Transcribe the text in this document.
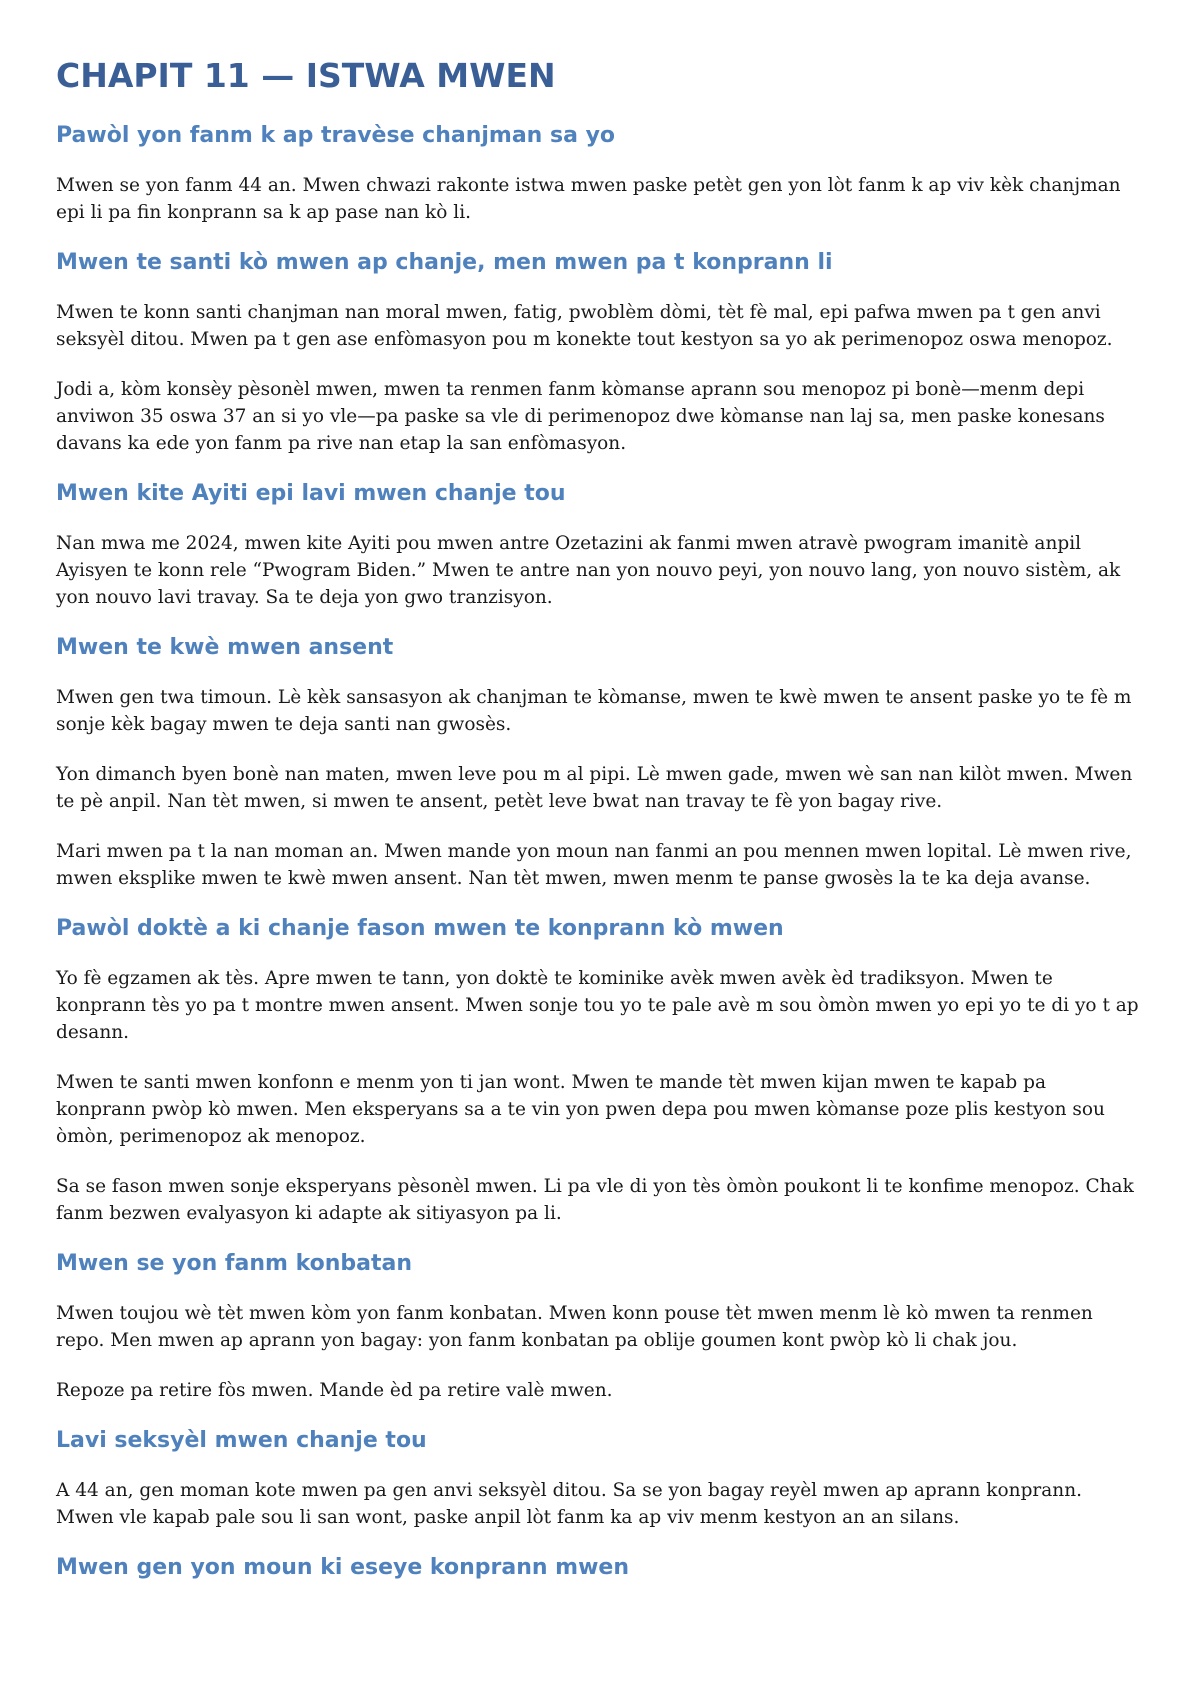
CHAPIT 11 — ISTWA MWEN
Pawòl yon fanm k ap travèse chanjman sa yo

Mwen se yon fanm 44 an. Mwen chwazi rakonte istwa mwen paske petèt gen yon lòt fanm k ap viv kèk chanjman epi li pa fin konprann sa k ap pase nan kò li.

Mwen te santi kò mwen ap chanje, men mwen pa t konprann li

Mwen te konn santi chanjman nan moral mwen, fatig, pwoblèm dòmi, tèt fè mal, epi pafwa mwen pa t gen anvi seksyèl ditou. Mwen pa t gen ase enfòmasyon pou m konekte tout kestyon sa yo ak perimenopoz oswa menopoz.

Jodi a, kòm konsèy pèsonèl mwen, mwen ta renmen fanm kòmanse aprann sou menopoz pi bonè—menm depi anviwon 35 oswa 37 an si yo vle—pa paske sa vle di perimenopoz dwe kòmanse nan laj sa, men paske konesans davans ka ede yon fanm pa rive nan etap la san enfòmasyon.

Mwen kite Ayiti epi lavi mwen chanje tou

Nan mwa me 2024, mwen kite Ayiti pou mwen antre Ozetazini ak fanmi mwen atravè pwogram imanitè anpil Ayisyen te konn rele “Pwogram Biden.” Mwen te antre nan yon nouvo peyi, yon nouvo lang, yon nouvo sistèm, ak yon nouvo lavi travay. Sa te deja yon gwo tranzisyon.

Mwen te kwè mwen ansent

Mwen gen twa timoun. Lè kèk sansasyon ak chanjman te kòmanse, mwen te kwè mwen te ansent paske yo te fè m sonje kèk bagay mwen te deja santi nan gwosès.

Yon dimanch byen bonè nan maten, mwen leve pou m al pipi. Lè mwen gade, mwen wè san nan kilòt mwen. Mwen te pè anpil. Nan tèt mwen, si mwen te ansent, petèt leve bwat nan travay te fè yon bagay rive.

Mari mwen pa t la nan moman an. Mwen mande yon moun nan fanmi an pou mennen mwen lopital. Lè mwen rive, mwen eksplike mwen te kwè mwen ansent. Nan tèt mwen, mwen menm te panse gwosès la te ka deja avanse.

Pawòl doktè a ki chanje fason mwen te konprann kò mwen

Yo fè egzamen ak tès. Apre mwen te tann, yon doktè te kominike avèk mwen avèk èd tradiksyon. Mwen te konprann tès yo pa t montre mwen ansent. Mwen sonje tou yo te pale avè m sou òmòn mwen yo epi yo te di yo t ap desann.

Mwen te santi mwen konfonn e menm yon ti jan wont. Mwen te mande tèt mwen kijan mwen te kapab pa konprann pwòp kò mwen. Men eksperyans sa a te vin yon pwen depa pou mwen kòmanse poze plis kestyon sou òmòn, perimenopoz ak menopoz.

Sa se fason mwen sonje eksperyans pèsonèl mwen. Li pa vle di yon tès òmòn poukont li te konfime menopoz. Chak fanm bezwen evalyasyon ki adapte ak sitiyasyon pa li.

Mwen se yon fanm konbatan

Mwen toujou wè tèt mwen kòm yon fanm konbatan. Mwen konn pouse tèt mwen menm lè kò mwen ta renmen repo. Men mwen ap aprann yon bagay: yon fanm konbatan pa oblije goumen kont pwòp kò li chak jou.

Repoze pa retire fòs mwen. Mande èd pa retire valè mwen.

Lavi seksyèl mwen chanje tou

A 44 an, gen moman kote mwen pa gen anvi seksyèl ditou. Sa se yon bagay reyèl mwen ap aprann konprann. Mwen vle kapab pale sou li san wont, paske anpil lòt fanm ka ap viv menm kestyon an an silans.

Mwen gen yon moun ki eseye konprann mwen
